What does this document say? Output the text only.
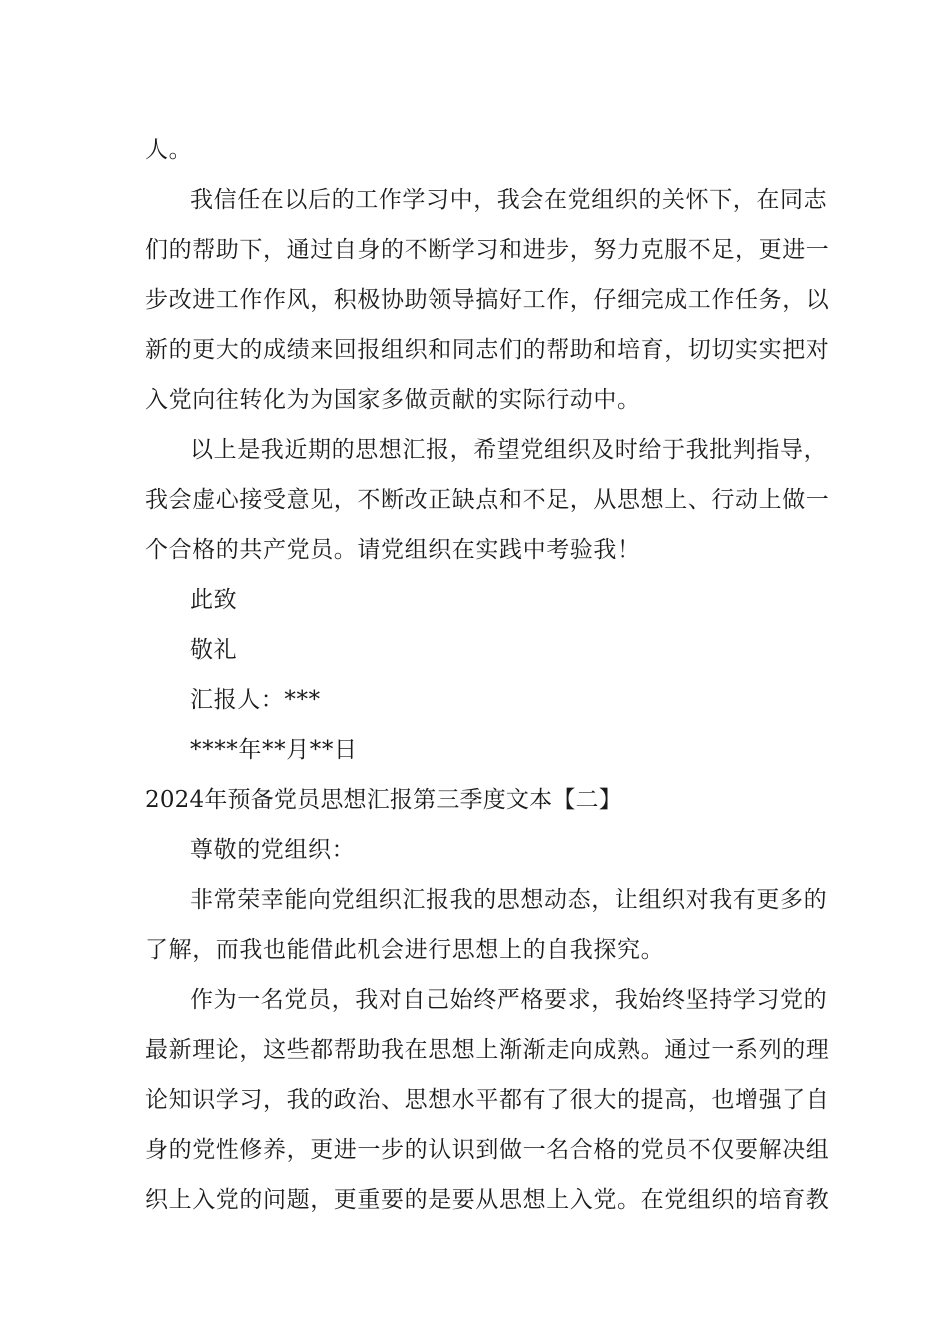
人。
我信任在以后的工作学习中，我会在党组织的关怀下，在同志
们的帮助下，通过自身的不断学习和进步，努力克服不足，更进一
步改进工作作风，积极协助领导搞好工作，仔细完成工作任务，以
新的更大的成绩来回报组织和同志们的帮助和培育，切切实实把对
入党向往转化为为国家多做贡献的实际行动中。
以上是我近期的思想汇报，希望党组织及时给于我批判指导，
我会虚心接受意见，不断改正缺点和不足，从思想上、行动上做一
个合格的共产党员。请党组织在实践中考验我！
此致
敬礼
汇报人：***
****年**月**日
2024年预备党员思想汇报第三季度文本【二】
尊敬的党组织：
非常荣幸能向党组织汇报我的思想动态，让组织对我有更多的
了解，而我也能借此机会进行思想上的自我探究。
作为一名党员，我对自己始终严格要求，我始终坚持学习党的
最新理论，这些都帮助我在思想上渐渐走向成熟。通过一系列的理
论知识学习，我的政治、思想水平都有了很大的提高，也增强了自
身的党性修养，更进一步的认识到做一名合格的党员不仅要解决组
织上入党的问题，更重要的是要从思想上入党。在党组织的培育教
